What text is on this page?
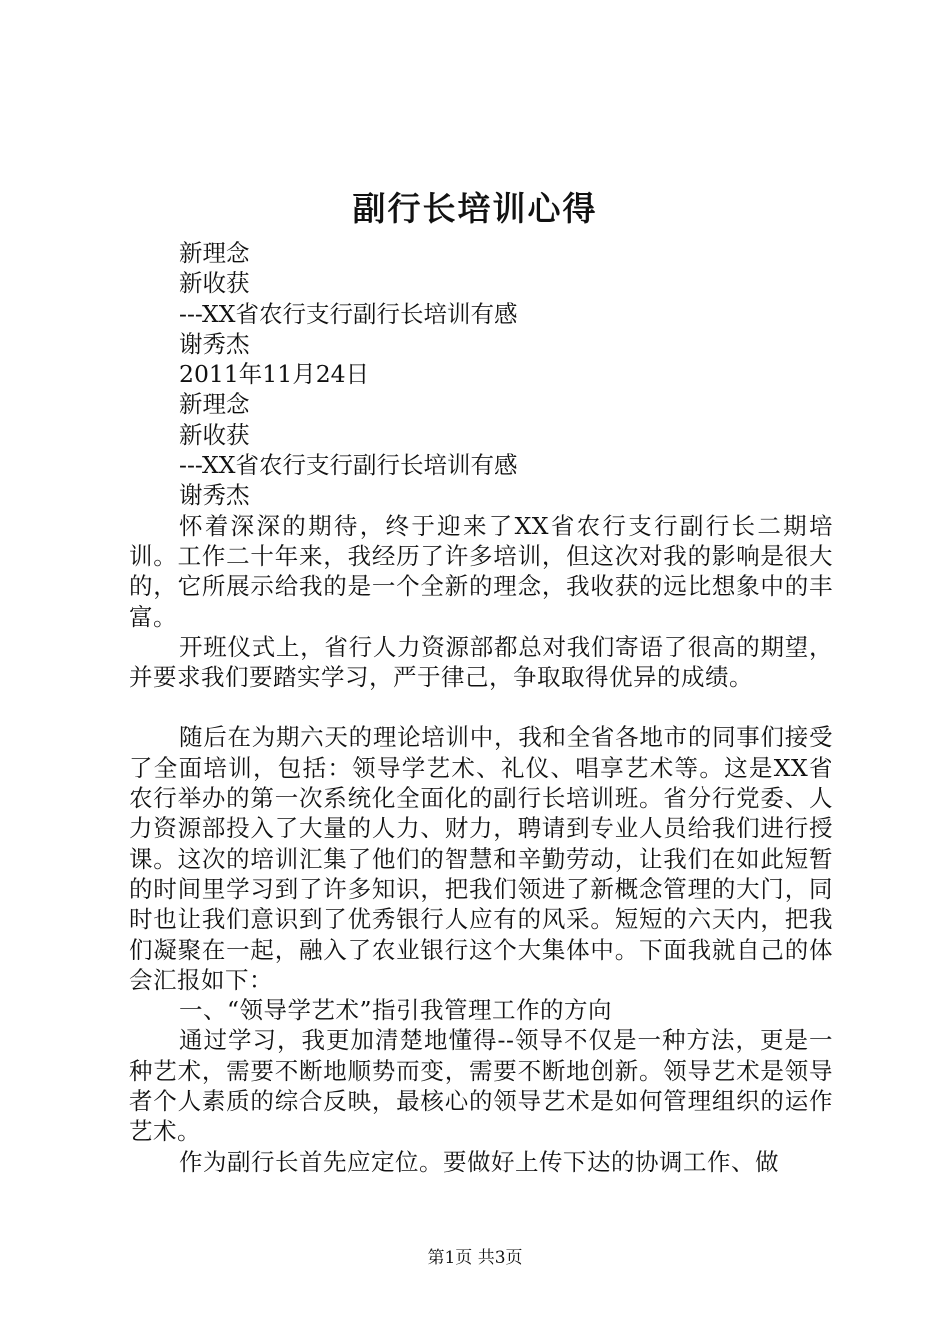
副行长培训心得

新理念

新收获

---XX省农行支行副行长培训有感

谢秀杰

2011年11月24日

新理念

新收获

---XX省农行支行副行长培训有感

谢秀杰

怀着深深的期待，终于迎来了XX省农行支行副行长二期培训。工作二十年来，我经历了许多培训，但这次对我的影响是很大的，它所展示给我的是一个全新的理念，我收获的远比想象中的丰富。

开班仪式上，省行人力资源部都总对我们寄语了很高的期望，并要求我们要踏实学习，严于律己，争取取得优异的成绩。

随后在为期六天的理论培训中，我和全省各地市的同事们接受了全面培训，包括：领导学艺术、礼仪、唱享艺术等。这是XX省农行举办的第一次系统化全面化的副行长培训班。省分行党委、人力资源部投入了大量的人力、财力，聘请到专业人员给我们进行授课。这次的培训汇集了他们的智慧和辛勤劳动，让我们在如此短暂的时间里学习到了许多知识，把我们领进了新概念管理的大门，同时也让我们意识到了优秀银行人应有的风采。短短的六天内，把我们凝聚在一起，融入了农业银行这个大集体中。下面我就自己的体会汇报如下：

一、“领导学艺术”指引我管理工作的方向

通过学习，我更加清楚地懂得--领导不仅是一种方法，更是一种艺术，需要不断地顺势而变，需要不断地创新。领导艺术是领导者个人素质的综合反映，最核心的领导艺术是如何管理组织的运作艺术。

作为副行长首先应定位。要做好上传下达的协调工作、做

第1页 共3页
